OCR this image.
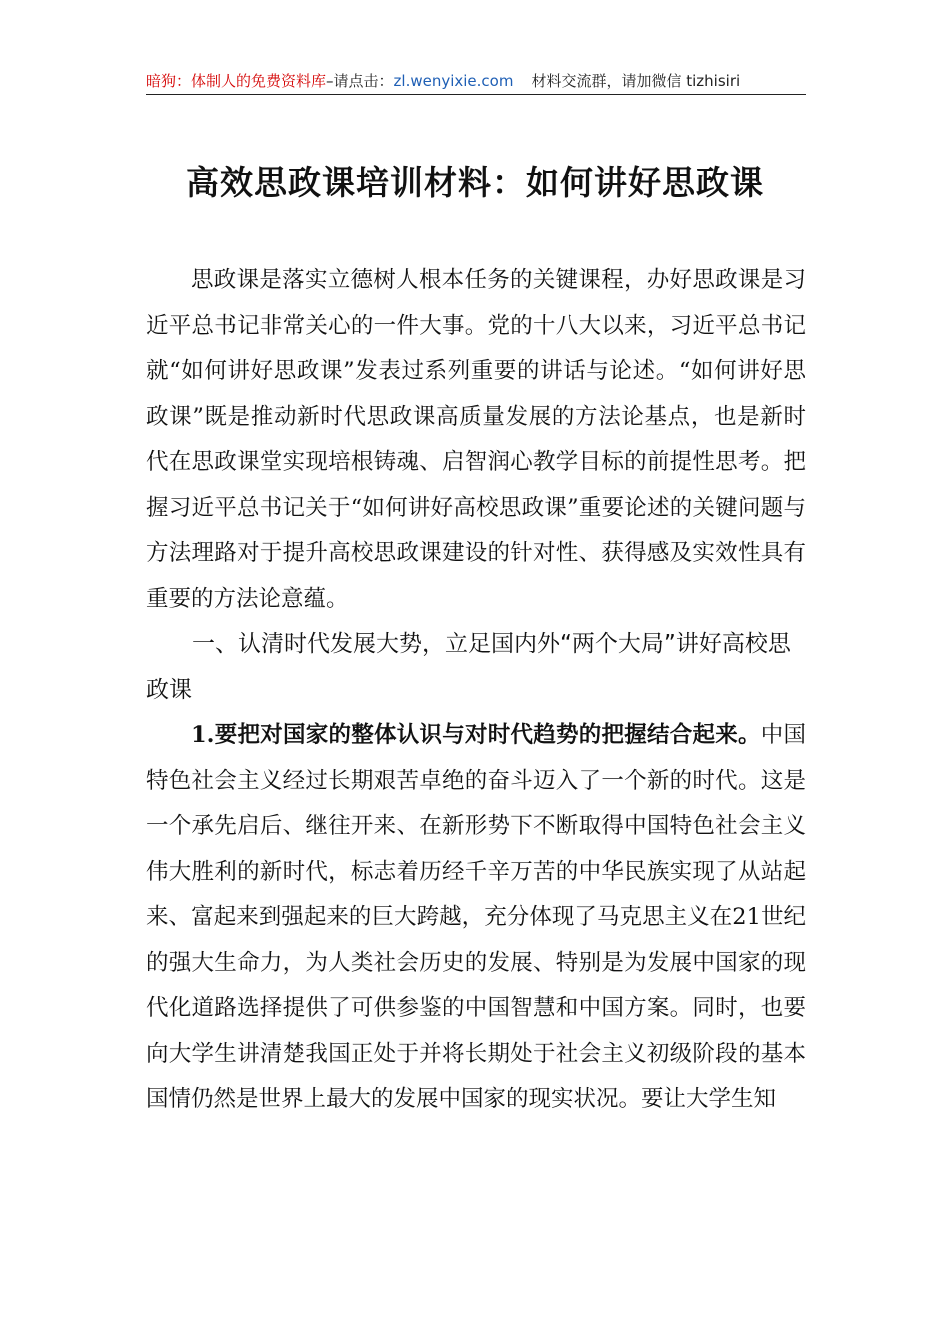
暗狗：体制人的免费资料库–请点击：zl.wenyixie.com 材料交流群，请加微信 tizhisiri
高效思政课培训材料：如何讲好思政课

思政课是落实立德树人根本任务的关键课程，办好思政课是习近平总书记非常关心的一件大事。党的十八大以来，习近平总书记就“如何讲好思政课”发表过系列重要的讲话与论述。“如何讲好思政课”既是推动新时代思政课高质量发展的方法论基点，也是新时代在思政课堂实现培根铸魂、启智润心教学目标的前提性思考。把握习近平总书记关于“如何讲好高校思政课”重要论述的关键问题与方法理路对于提升高校思政课建设的针对性、获得感及实效性具有重要的方法论意蕴。

一、认清时代发展大势，立足国内外“两个大局”讲好高校思政课

1.要把对国家的整体认识与对时代趋势的把握结合起来。中国特色社会主义经过长期艰苦卓绝的奋斗迈入了一个新的时代。这是一个承先启后、继往开来、在新形势下不断取得中国特色社会主义伟大胜利的新时代，标志着历经千辛万苦的中华民族实现了从站起来、富起来到强起来的巨大跨越，充分体现了马克思主义在21世纪的强大生命力，为人类社会历史的发展、特别是为发展中国家的现代化道路选择提供了可供参鉴的中国智慧和中国方案。同时，也要向大学生讲清楚我国正处于并将长期处于社会主义初级阶段的基本国情仍然是世界上最大的发展中国家的现实状况。要让大学生知
